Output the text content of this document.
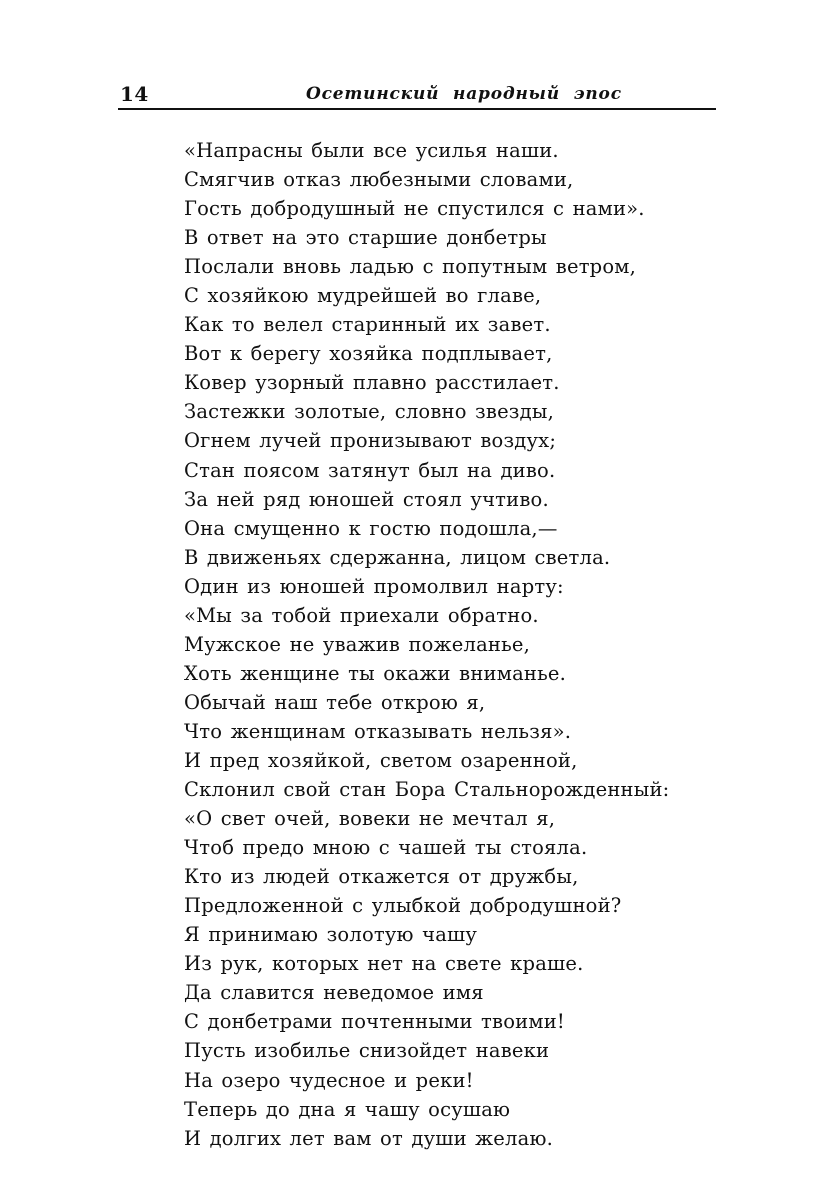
14	Осетинский народный эпос
«Напрасны были все усилья наши.
Смягчив отказ любезными словами,
Гость добродушный не спустился с нами».
В ответ на это старшие донбетры
Послали вновь ладью с попутным ветром,
С хозяйкою мудрейшей во главе,
Как то велел старинный их завет.
Вот к берегу хозяйка подплывает,
Ковер узорный плавно расстилает.
Застежки золотые, словно звезды,
Огнем лучей пронизывают воздух;
Стан поясом затянут был на диво.
За ней ряд юношей стоял учтиво.
Она смущенно к гостю подошла,—
В движеньях сдержанна, лицом светла.
Один из юношей промолвил нарту:
«Мы за тобой приехали обратно.
Мужское не уважив пожеланье,
Хоть женщине ты окажи вниманье.
Обычай наш тебе открою я,
Что женщинам отказывать нельзя».
И пред хозяйкой, светом озаренной,
Склонил свой стан Бора Стальнорожденный:
«О свет очей, вовеки не мечтал я,
Чтоб предо мною с чашей ты стояла.
Кто из людей откажется от дружбы,
Предложенной с улыбкой добродушной?
Я принимаю золотую чашу
Из рук, которых нет на свете краше.
Да славится неведомое имя
С донбетрами почтенными твоими!
Пусть изобилье снизойдет навеки
На озеро чудесное и реки!
Теперь до дна я чашу осушаю
И долгих лет вам от души желаю.
